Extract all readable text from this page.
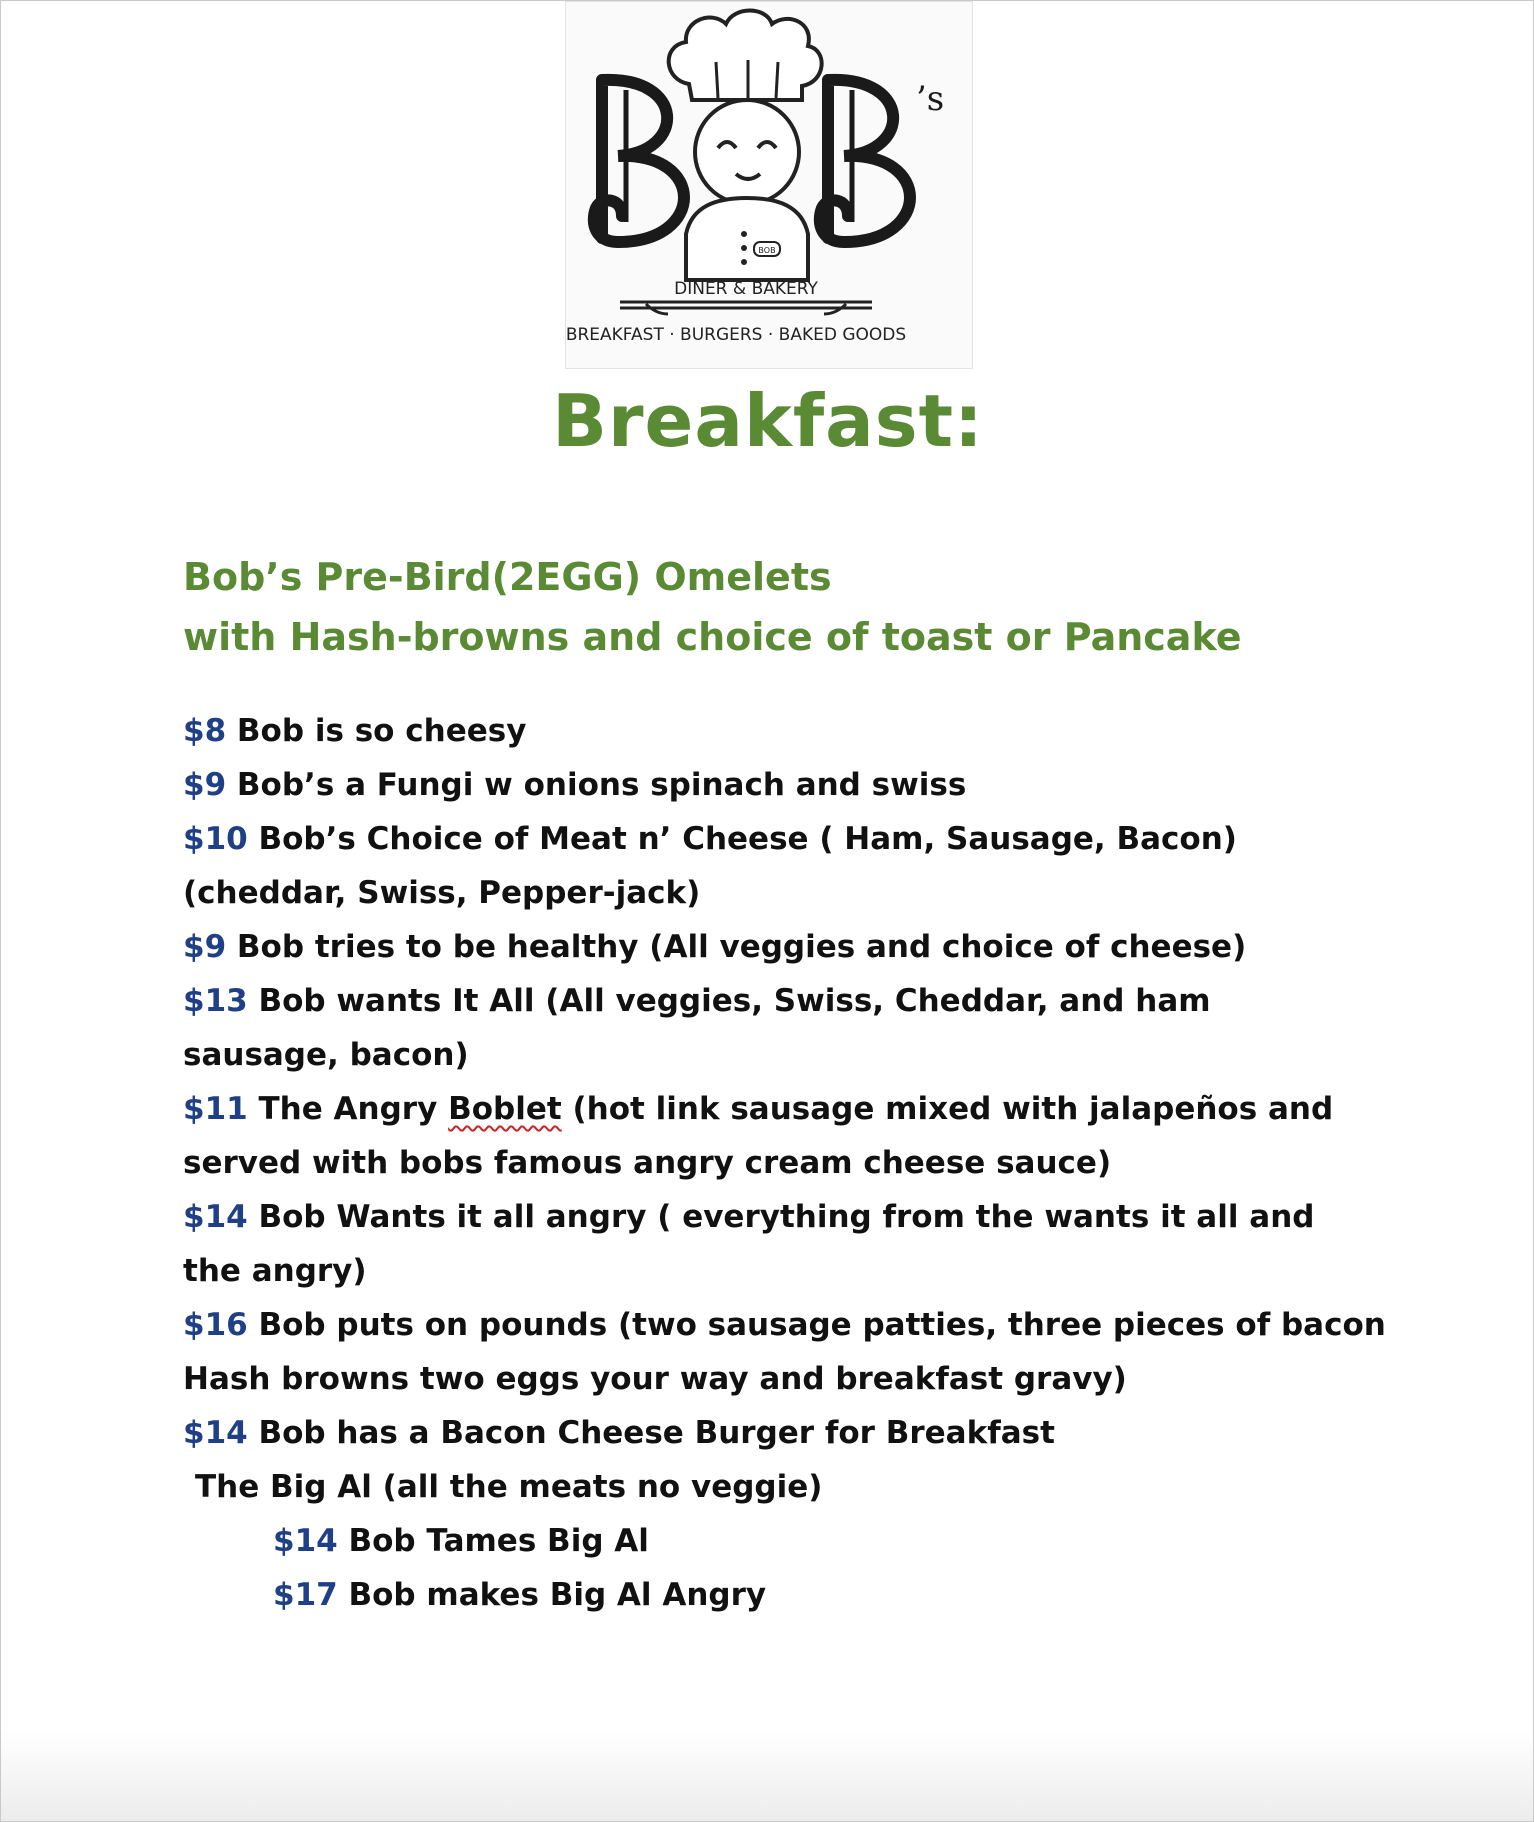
’s
BOB
DINER & BAKERY
BREAKFAST · BURGERS · BAKED GOODS
Breakfast:
Bob’s Pre-Bird(2EGG) Omelets
with Hash-browns and choice of toast or Pancake
$8 Bob is so cheesy
$9 Bob’s a Fungi w onions spinach and swiss
$10 Bob’s Choice of Meat n’ Cheese ( Ham, Sausage, Bacon)
(cheddar, Swiss, Pepper-jack)
$9 Bob tries to be healthy (All veggies and choice of cheese)
$13 Bob wants It All (All veggies, Swiss, Cheddar, and ham
sausage, bacon)
$11 The Angry Boblet (hot link sausage mixed with jalapeños and
served with bobs famous angry cream cheese sauce)
$14 Bob Wants it all angry ( everything from the wants it all and
the angry)
$16 Bob puts on pounds (two sausage patties, three pieces of bacon
Hash browns two eggs your way and breakfast gravy)
$14 Bob has a Bacon Cheese Burger for Breakfast
The Big Al (all the meats no veggie)
$14 Bob Tames Big Al
$17 Bob makes Big Al Angry
